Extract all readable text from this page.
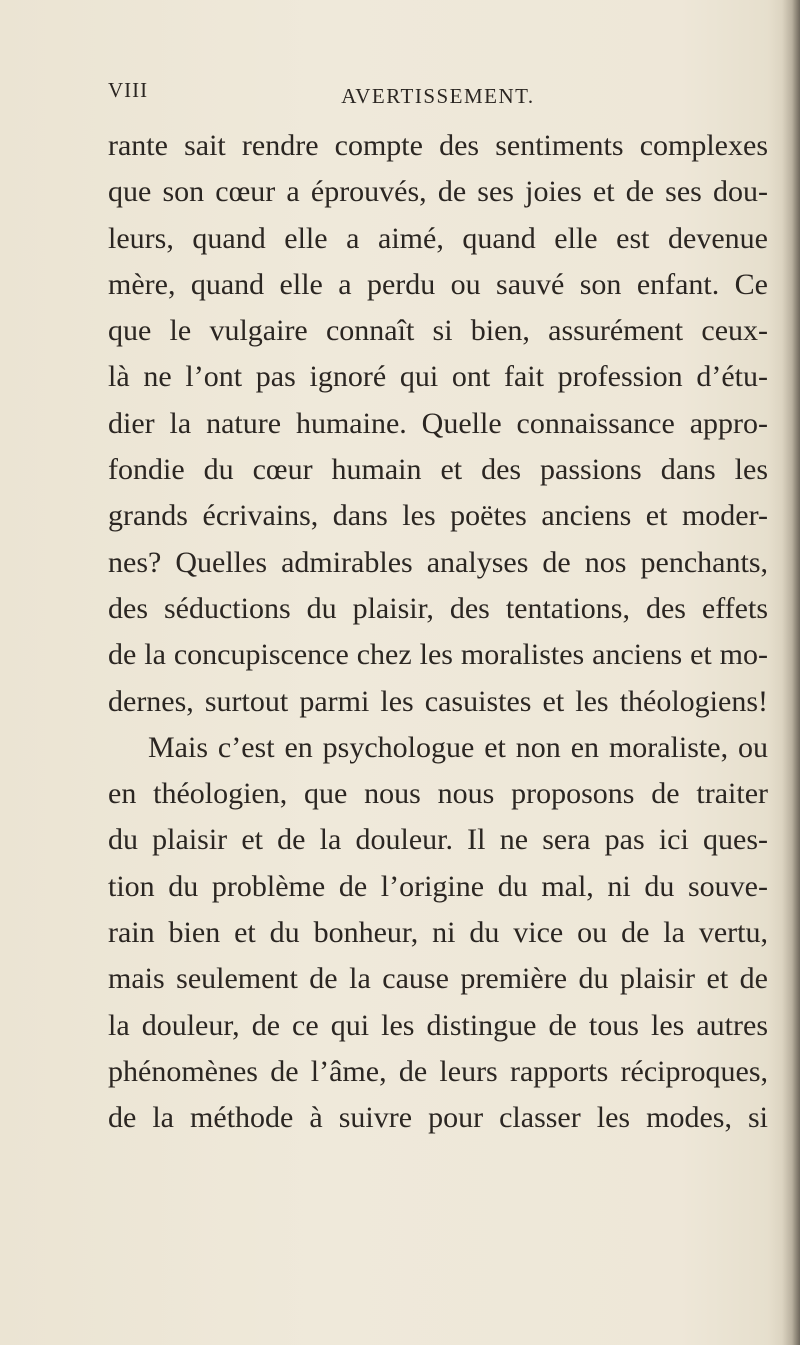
VIII	AVERTISSEMENT.
rante sait rendre compte des sentiments complexes
que son cœur a éprouvés, de ses joies et de ses dou-
leurs, quand elle a aimé, quand elle est devenue
mère, quand elle a perdu ou sauvé son enfant. Ce
que le vulgaire connaît si bien, assurément ceux-
là ne l’ont pas ignoré qui ont fait profession d’étu-
dier la nature humaine. Quelle connaissance appro-
fondie du cœur humain et des passions dans les
grands écrivains, dans les poëtes anciens et moder-
nes? Quelles admirables analyses de nos penchants,
des séductions du plaisir, des tentations, des effets
de la concupiscence chez les moralistes anciens et mo-
dernes, surtout parmi les casuistes et les théologiens!
Mais c’est en psychologue et non en moraliste, ou
en théologien, que nous nous proposons de traiter
du plaisir et de la douleur. Il ne sera pas ici ques-
tion du problème de l’origine du mal, ni du souve-
rain bien et du bonheur, ni du vice ou de la vertu,
mais seulement de la cause première du plaisir et de
la douleur, de ce qui les distingue de tous les autres
phénomènes de l’âme, de leurs rapports réciproques,
de la méthode à suivre pour classer les modes, si
